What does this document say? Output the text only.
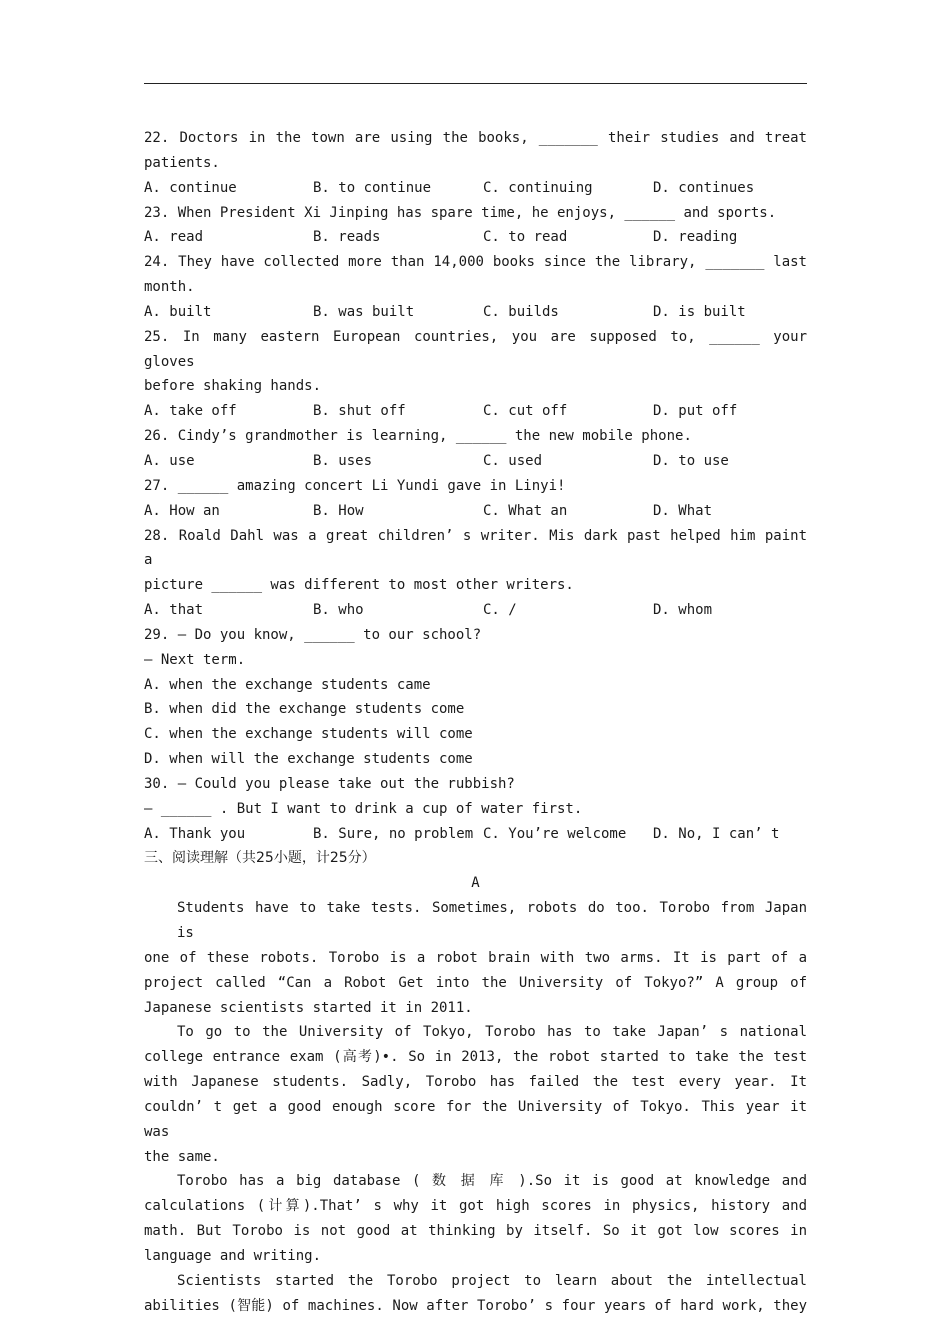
22. Doctors in the town are using the books, _______ their studies and treat
patients.
A. continue	B. to continue	C. continuing	D. continues
23. When President Xi Jinping has spare time, he enjoys, ______ and sports.
A. read	B. reads	C. to read	D. reading
24. They have collected more than 14,000 books since the library, _______ last
month.
A. built	B. was built	C. builds	D. is built
25. In many eastern European countries, you are supposed to, ______ your gloves
before shaking hands.
A. take off	B. shut off	C. cut off	D. put off
26. Cindy’s grandmother is learning, ______ the new mobile phone.
A. use	B. uses	C. used	D. to use
27. ______ amazing concert Li Yundi gave in Linyi!
A. How an	B. How	C. What an	D. What
28. Roald Dahl was a great children’ s writer. Mis dark past helped him paint a
picture ______ was different to most other writers.
A. that	B. who	C. /	D. whom
29. — Do you know, ______ to our school?
— Next term.
A. when the exchange students came
B. when did the exchange students come
C. when the exchange students will come
D. when will the exchange students come
30. — Could you please take out the rubbish?
— ______ . But I want to drink a cup of water first.
A. Thank you	B. Sure, no problem C. You’re welcome	D. No, I can’ t
三、阅读理解（共25小题，计25分）
A
Students have to take tests. Sometimes, robots do too. Torobo from Japan is
one of these robots. Torobo is a robot brain with two arms. It is part of a
project called “Can a Robot Get into the University of Tokyo?” A group of
Japanese scientists started it in 2011.
To go to the University of Tokyo, Torobo has to take Japan’ s national
college entrance exam (高考)•. So in 2013, the robot started to take the test
with Japanese students. Sadly, Torobo has failed the test every year. It
couldn’ t get a good enough score for the University of Tokyo. This year it was
the same.
Torobo has a big database ( 数 据 库 ).So it is good at knowledge and
calculations (计算).That’ s why it got high scores in physics, history and
math. But Torobo is not good at thinking by itself. So it got low scores in
language and writing.
Scientists started the Torobo project to learn about the intellectual
abilities (智能) of machines. Now after Torobo’ s four years of hard work, they
